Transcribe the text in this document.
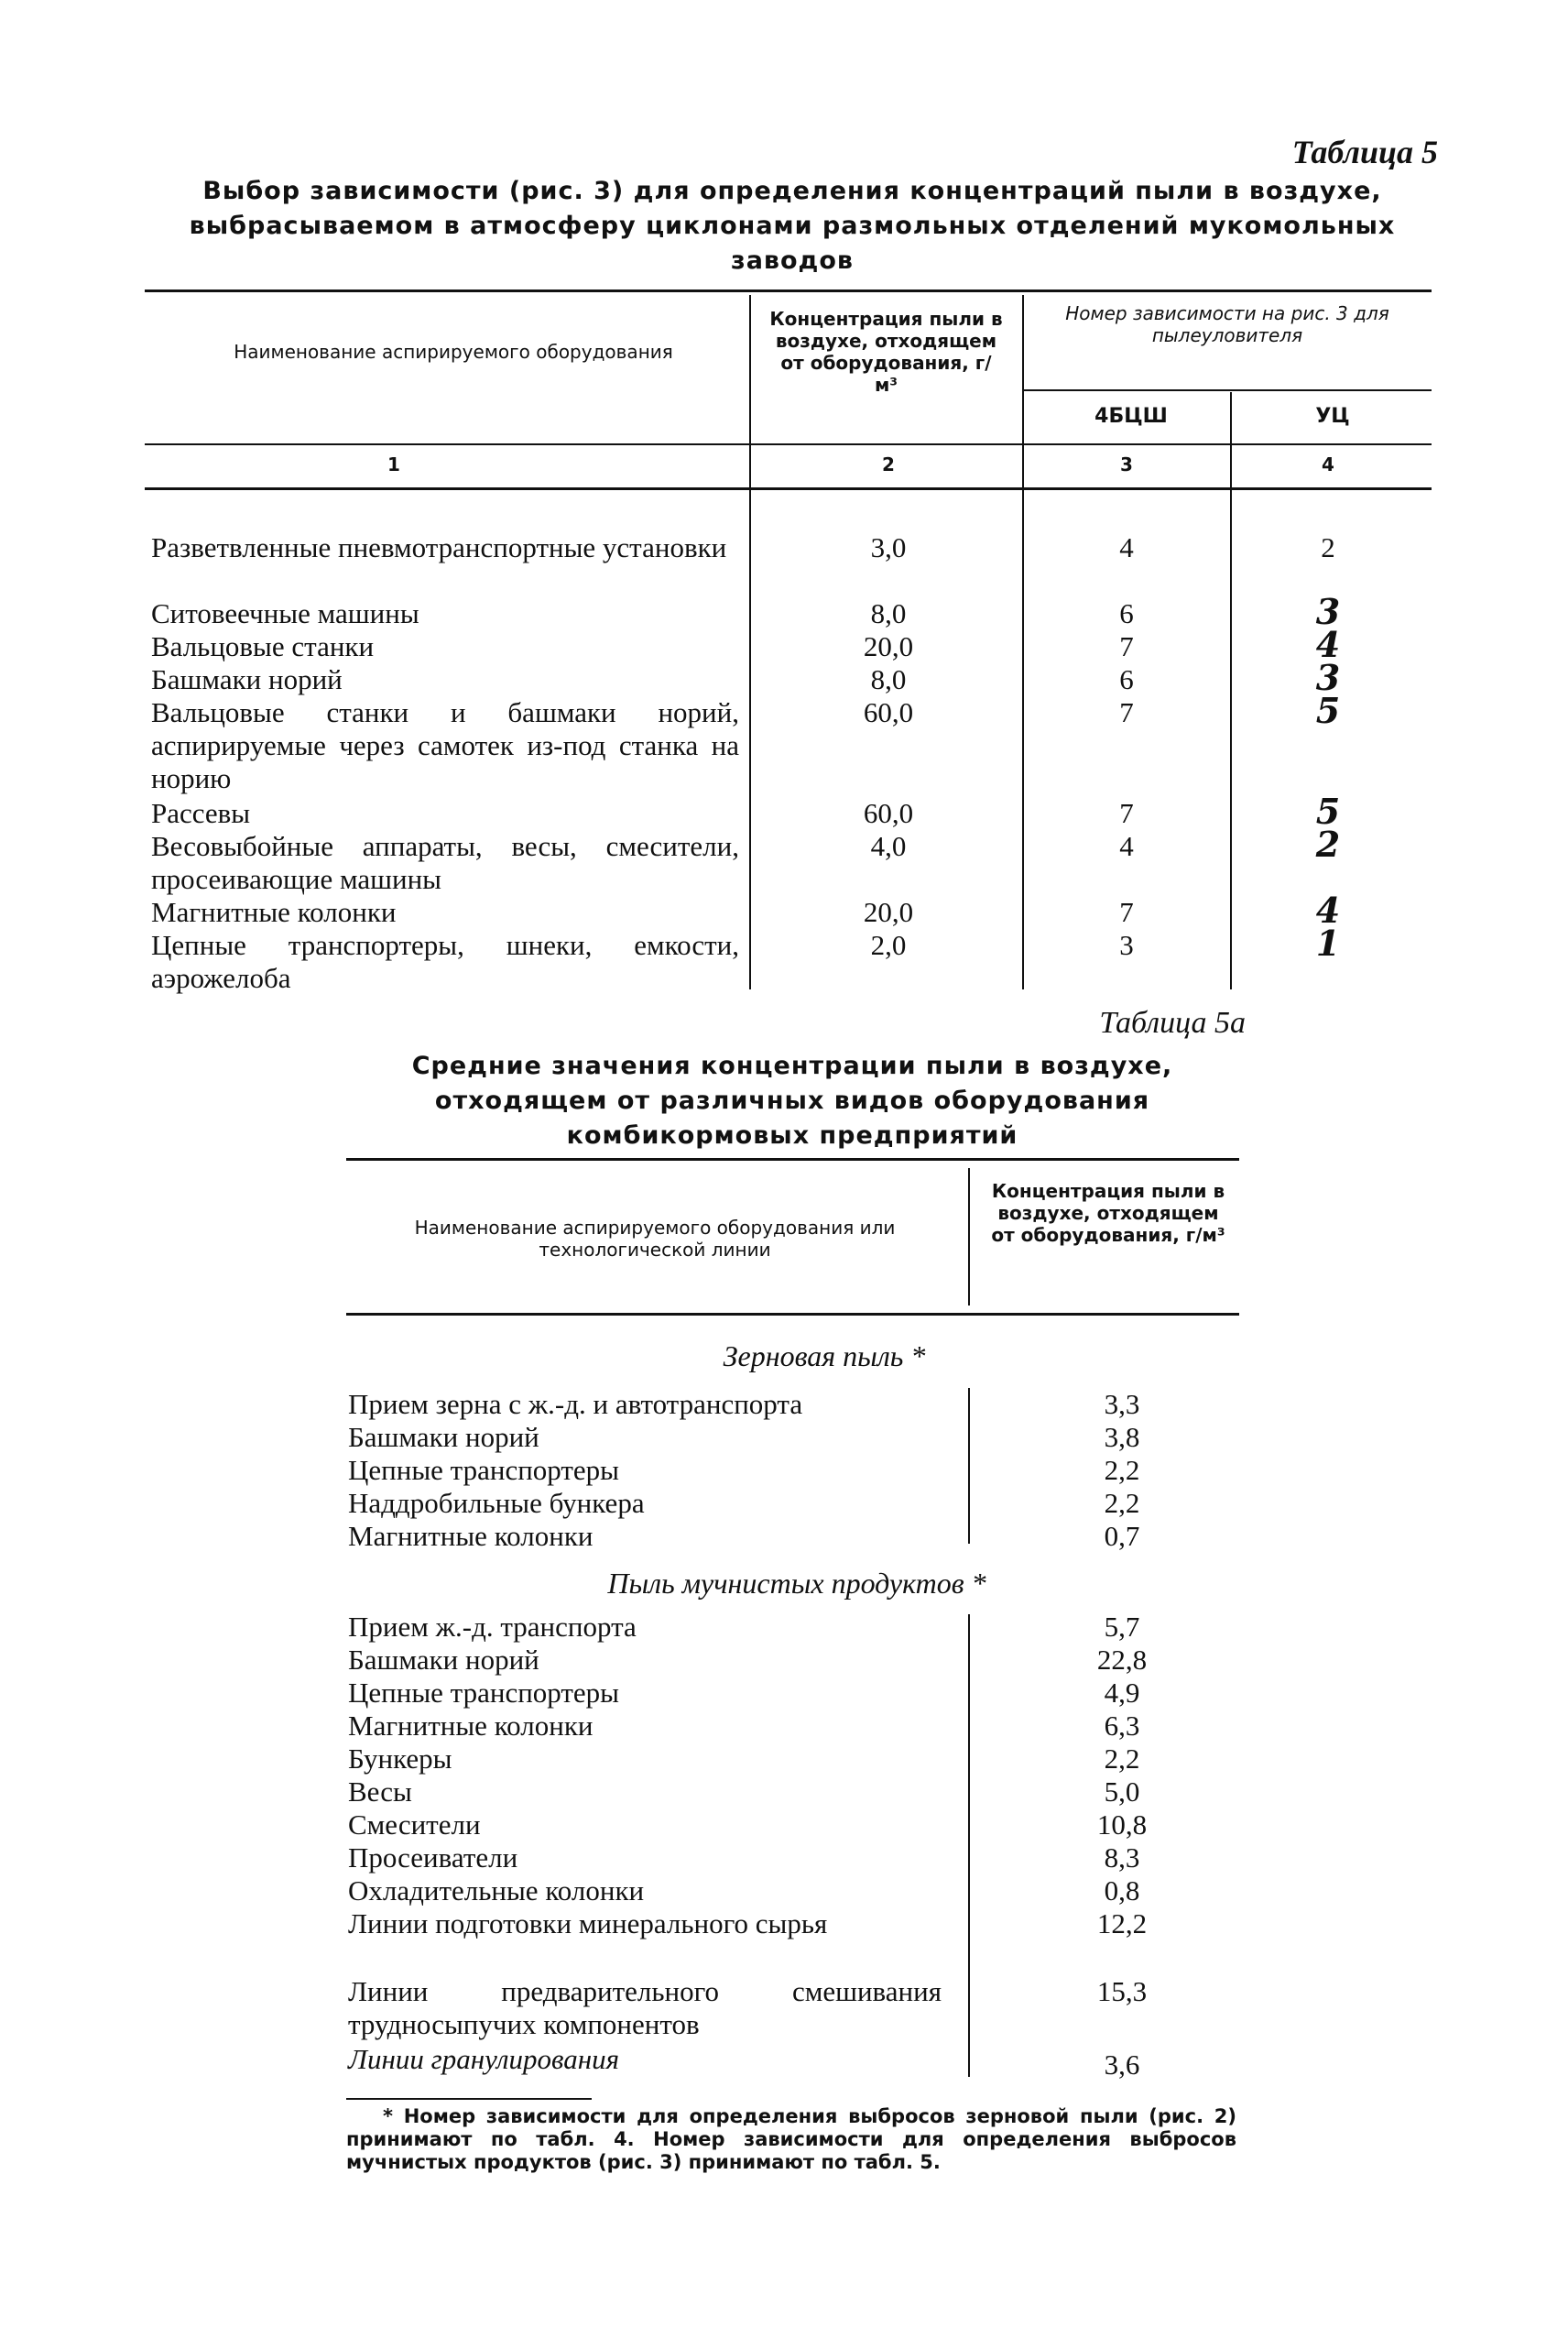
Таблица 5
Выбор зависимости (рис. 3) для определения концентраций пыли в воздухе, выбрасываемом в атмосферу циклонами размольных отделений мукомольных заводов
Наименование аспирируемого оборудования
Концентрация пыли в воздухе, отходящем от оборудования, г/м³
Номер зависимости на рис. 3 для пылеуловителя
4БЦШ	УЦ
1	2	3	4
Разветвленные пневмотранспортные установки	3,0	4	2
Ситовеечные машины	8,0	6	3
Вальцовые станки	20,0	7	4
Башмаки норий	8,0	6	3
Вальцовые станки и башмаки норий, аспирируемые через самотек из-под станка на норию
60,0	7	5
Рассевы	60,0	7	5
Весовыбойные аппараты, весы, смесители, просеивающие машины
4,0	4	2
Магнитные колонки	20,0	7	4
Цепные транспортеры, шнеки, емкости, аэрожелоба
2,0	3	1
Таблица 5а
Средние значения концентрации пыли в воздухе, отходящем от различных видов оборудования комбикормовых предприятий
Наименование аспирируемого оборудования или технологической линии
Концентрация пыли в воздухе, отходящем от оборудования, г/м³
Зерновая пыль *
Прием зерна с ж.-д. и автотранспорта	3,3
Башмаки норий	3,8
Цепные транспортеры	2,2
Наддробильные бункера	2,2
Магнитные колонки	0,7
Пыль мучнистых продуктов *
Прием ж.-д. транспорта	5,7
Башмаки норий	22,8
Цепные транспортеры	4,9
Магнитные колонки	6,3
Бункеры	2,2
Весы	5,0
Смесители	10,8
Просеиватели	8,3
Охладительные колонки	0,8
Линии подготовки минерального сырья	12,2
Линии предварительного смешивания трудносыпучих компонентов
15,3
Линии гранулирования	3,6
* Номер зависимости для определения выбросов зерновой пыли (рис. 2) принимают по табл. 4. Номер зависимости для определения выбросов мучнистых продуктов (рис. 3) принимают по табл. 5.
